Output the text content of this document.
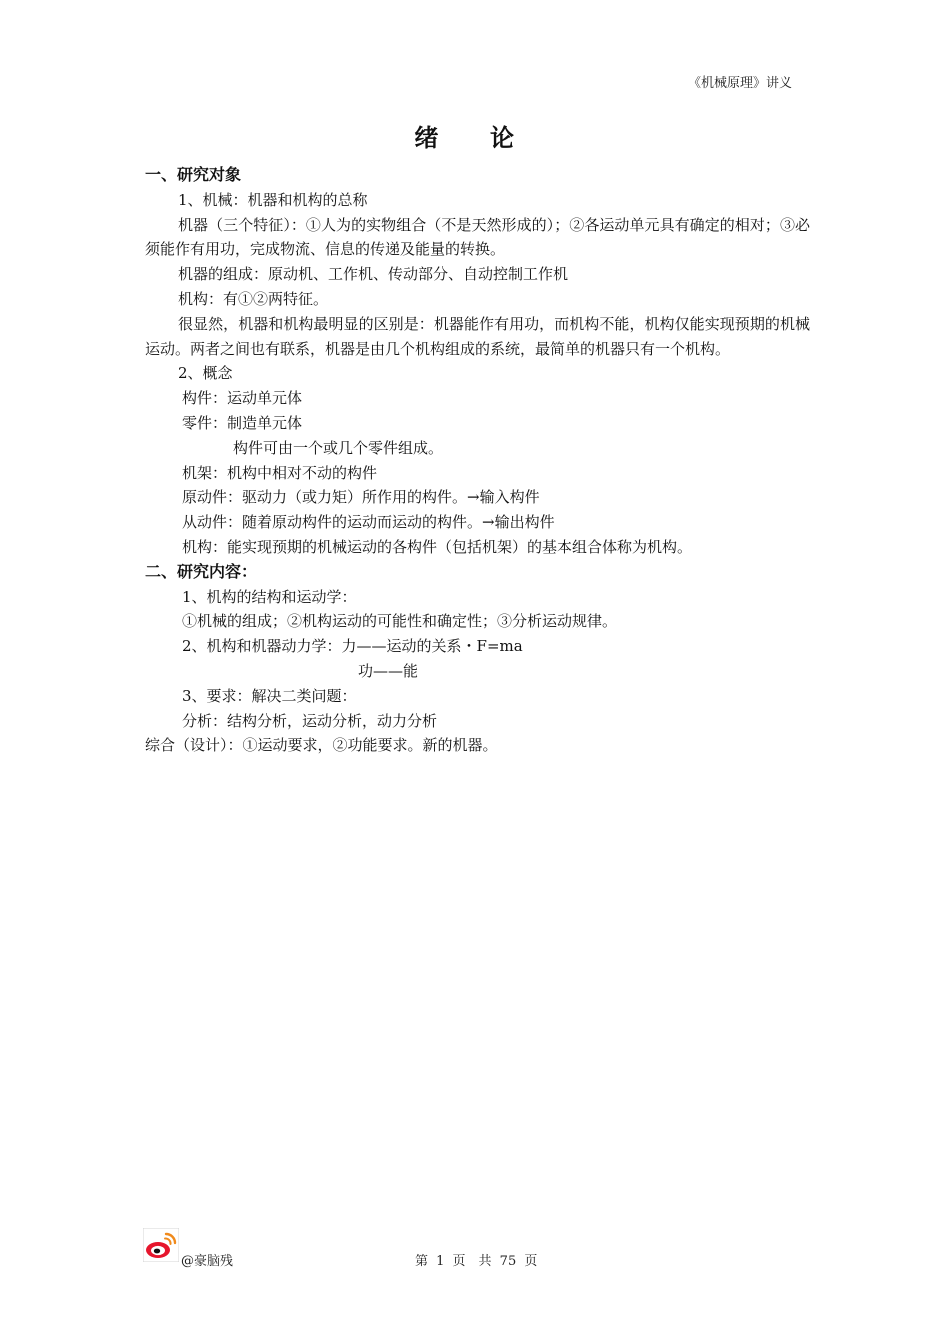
《机械原理》讲义
绪 论
一、研究对象
1、机械：机器和机构的总称
机器（三个特征）：①人为的实物组合（不是天然形成的）；②各运动单元具有确定的相对；③必须能作有用功，完成物流、信息的传递及能量的转换。
机器的组成：原动机、工作机、传动部分、自动控制工作机
机构：有①②两特征。
很显然，机器和机构最明显的区别是：机器能作有用功，而机构不能，机构仅能实现预期的机械运动。两者之间也有联系，机器是由几个机构组成的系统，最简单的机器只有一个机构。
2、概念
构件：运动单元体
零件：制造单元体
构件可由一个或几个零件组成。
机架：机构中相对不动的构件
原动件：驱动力（或力矩）所作用的构件。→输入构件
从动件：随着原动构件的运动而运动的构件。→输出构件
机构：能实现预期的机械运动的各构件（包括机架）的基本组合体称为机构。
二、研究内容：
1、机构的结构和运动学：
①机械的组成；②机构运动的可能性和确定性；③分析运动规律。
2、机构和机器动力学：力——运动的关系・F=ma
功——能
3、要求：解决二类问题：
分析：结构分析，运动分析，动力分析
综合（设计）：①运动要求，②功能要求。新的机器。
@豪脑残	第 1 页　共 75 页
